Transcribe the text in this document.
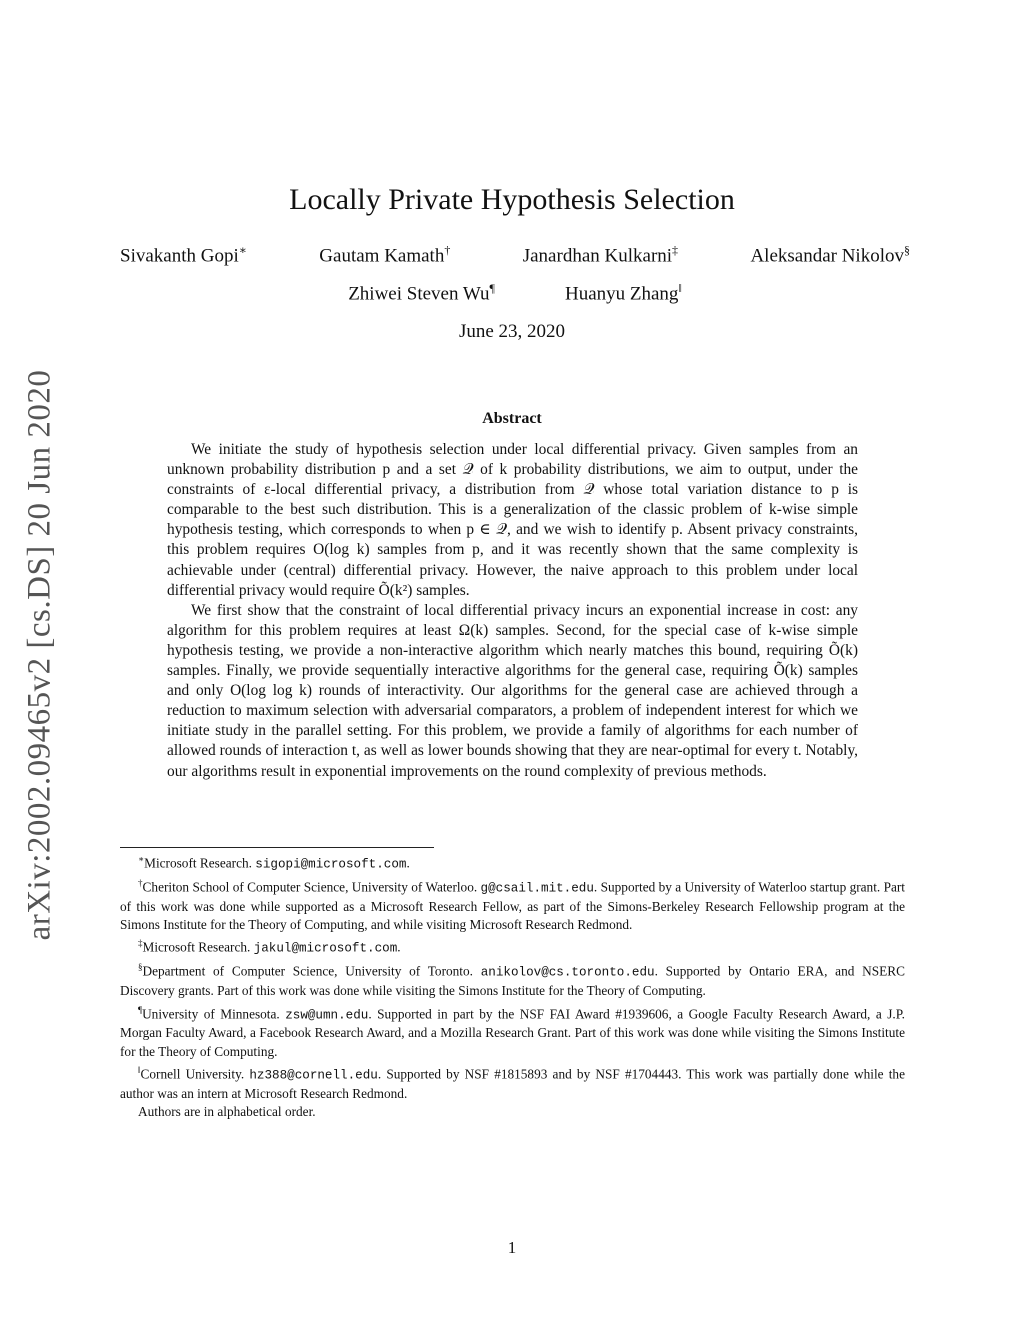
arXiv:2002.09465v2 [cs.DS] 20 Jun 2020
Locally Private Hypothesis Selection
Sivakanth Gopi∗	Gautam Kamath†	Janardhan Kulkarni‡	Aleksandar Nikolov§
Zhiwei Steven Wu¶	Huanyu Zhang‖
June 23, 2020
Abstract

We initiate the study of hypothesis selection under local differential privacy. Given samples from an unknown probability distribution p and a set 𝒬 of k probability distributions, we aim to output, under the constraints of ε-local differential privacy, a distribution from 𝒬 whose total variation distance to p is comparable to the best such distribution. This is a generalization of the classic problem of k-wise simple hypothesis testing, which corresponds to when p ∈ 𝒬, and we wish to identify p. Absent privacy constraints, this problem requires O(log k) samples from p, and it was recently shown that the same complexity is achievable under (central) differential privacy. However, the naive approach to this problem under local differential privacy would require Õ(k²) samples.

We first show that the constraint of local differential privacy incurs an exponential increase in cost: any algorithm for this problem requires at least Ω(k) samples. Second, for the special case of k-wise simple hypothesis testing, we provide a non-interactive algorithm which nearly matches this bound, requiring Õ(k) samples. Finally, we provide sequentially interactive algorithms for the general case, requiring Õ(k) samples and only O(log log k) rounds of interactivity. Our algorithms for the general case are achieved through a reduction to maximum selection with adversarial comparators, a problem of independent interest for which we initiate study in the parallel setting. For this problem, we provide a family of algorithms for each number of allowed rounds of interaction t, as well as lower bounds showing that they are near-optimal for every t. Notably, our algorithms result in exponential improvements on the round complexity of previous methods.

∗Microsoft Research. sigopi@microsoft.com.

†Cheriton School of Computer Science, University of Waterloo. g@csail.mit.edu. Supported by a University of Waterloo startup grant. Part of this work was done while supported as a Microsoft Research Fellow, as part of the Simons-Berkeley Research Fellowship program at the Simons Institute for the Theory of Computing, and while visiting Microsoft Research Redmond.

‡Microsoft Research. jakul@microsoft.com.

§Department of Computer Science, University of Toronto. anikolov@cs.toronto.edu. Supported by Ontario ERA, and NSERC Discovery grants. Part of this work was done while visiting the Simons Institute for the Theory of Computing.

¶University of Minnesota. zsw@umn.edu. Supported in part by the NSF FAI Award #1939606, a Google Faculty Research Award, a J.P. Morgan Faculty Award, a Facebook Research Award, and a Mozilla Research Grant. Part of this work was done while visiting the Simons Institute for the Theory of Computing.

‖Cornell University. hz388@cornell.edu. Supported by NSF #1815893 and by NSF #1704443. This work was partially done while the author was an intern at Microsoft Research Redmond.

Authors are in alphabetical order.

1
